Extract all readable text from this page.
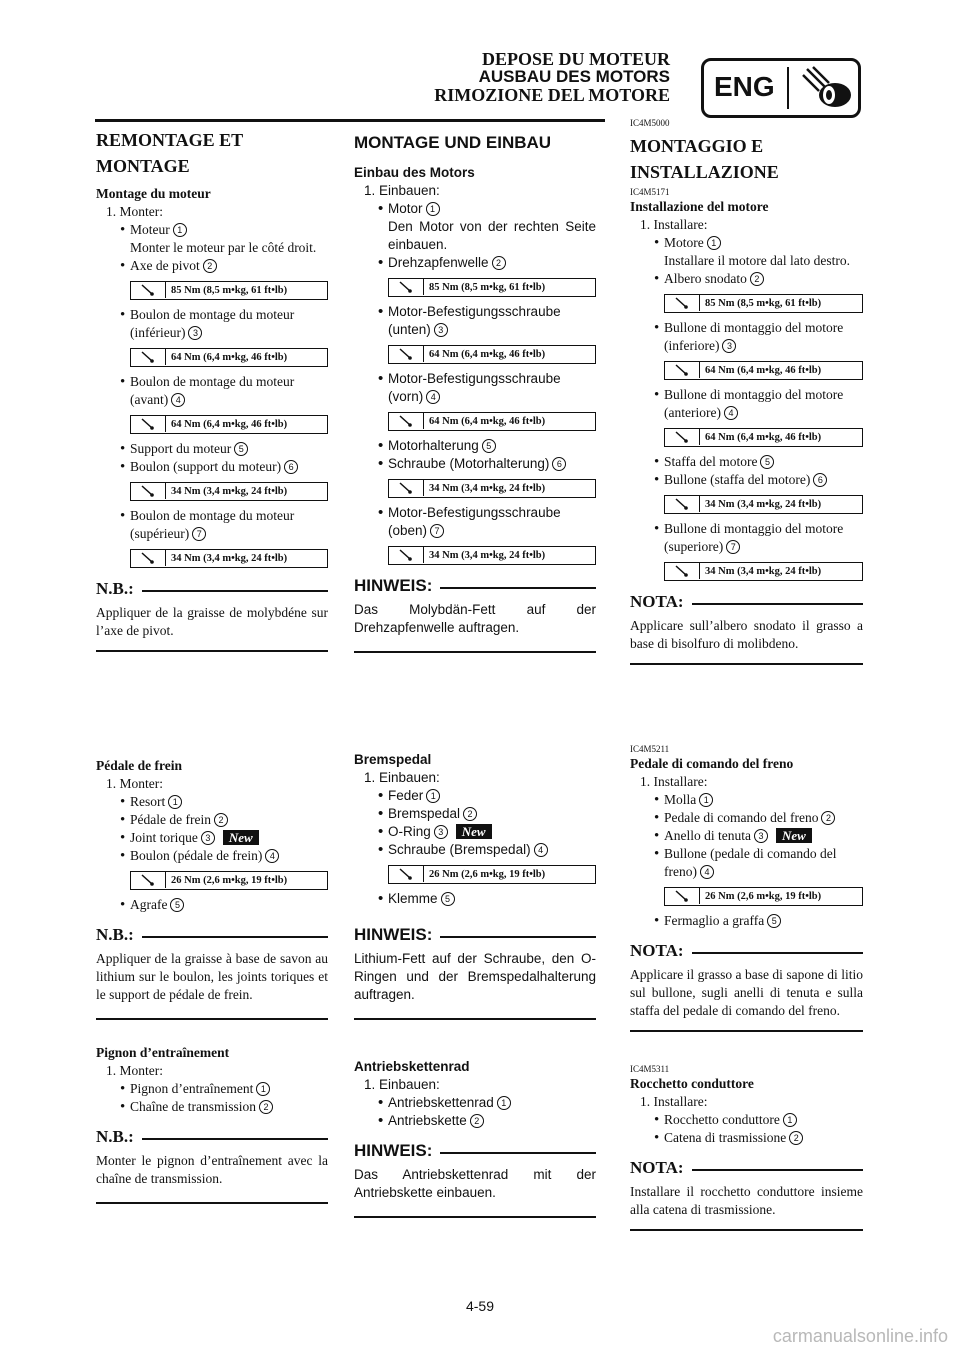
DEPOSE DU MOTEUR
AUSBAU DES MOTORS
RIMOZIONE DEL MOTORE ENG
REMONTAGE ET MONTAGE
Montage du moteur
1. Monter:
• Moteur 1
Monter le moteur par le côté droit.
• Axe de pivot 2
85 Nm (8,5 m•kg, 61 ft•lb)
• Boulon de montage du moteur (inférieur) 3
64 Nm (6,4 m•kg, 46 ft•lb)
• Boulon de montage du moteur (avant) 4
64 Nm (6,4 m•kg, 46 ft•lb)
• Support du moteur 5
• Boulon (support du moteur) 6
34 Nm (3,4 m•kg, 24 ft•lb)
• Boulon de montage du moteur (supérieur) 7
34 Nm (3,4 m•kg, 24 ft•lb)
N.B.:
Appliquer de la graisse de molybdéne sur l’axe de pivot.
Pédale de frein
1. Monter:
• Resort 1
• Pédale de frein 2
• Joint torique 3 New
• Boulon (pédale de frein) 4
26 Nm (2,6 m•kg, 19 ft•lb)
• Agrafe 5
N.B.:
Appliquer de la graisse à base de savon au lithium sur le boulon, les joints toriques et le support de pédale de frein.
Pignon d’entraînement
1. Monter:
• Pignon d’entraînement 1
• Chaîne de transmission 2
N.B.:
Monter le pignon d’entraînement avec la chaîne de transmission.
MONTAGE UND EINBAU
Einbau des Motors
1. Einbauen:
• Motor 1
Den Motor von der rechten Seite einbauen.
• Drehzapfenwelle 2
85 Nm (8,5 m•kg, 61 ft•lb)
• Motor-Befestigungsschraube (unten) 3
64 Nm (6,4 m•kg, 46 ft•lb)
• Motor-Befestigungsschraube (vorn) 4
64 Nm (6,4 m•kg, 46 ft•lb)
• Motorhalterung 5
• Schraube (Motorhalterung) 6
34 Nm (3,4 m•kg, 24 ft•lb)
• Motor-Befestigungsschraube (oben) 7
34 Nm (3,4 m•kg, 24 ft•lb)
HINWEIS:
Das Molybdän-Fett auf der Drehzapfenwelle auftragen.
Bremspedal
1. Einbauen:
• Feder 1
• Bremspedal 2
• O-Ring 3 New
• Schraube (Bremspedal) 4
26 Nm (2,6 m•kg, 19 ft•lb)
• Klemme 5
HINWEIS:
Lithium-Fett auf der Schraube, den O-Ringen und der Bremspedalhalterung auftragen.
Antriebskettenrad
1. Einbauen:
• Antriebskettenrad 1
• Antriebskette 2
HINWEIS:
Das Antriebskettenrad mit der Antriebskette einbauen.
IC4M5000
MONTAGGIO E INSTALLAZIONE
IC4M5171
Installazione del motore
1. Installare:
• Motore 1
Installare il motore dal lato destro.
• Albero snodato 2
85 Nm (8,5 m•kg, 61 ft•lb)
• Bullone di montaggio del motore (inferiore) 3
64 Nm (6,4 m•kg, 46 ft•lb)
• Bullone di montaggio del motore (anteriore) 4
64 Nm (6,4 m•kg, 46 ft•lb)
• Staffa del motore 5
• Bullone (staffa del motore) 6
34 Nm (3,4 m•kg, 24 ft•lb)
• Bullone di montaggio del motore (superiore) 7
34 Nm (3,4 m•kg, 24 ft•lb)
NOTA:
Applicare sull’albero snodato il grasso a base di bisolfuro di molibdeno.
IC4M5211
Pedale di comando del freno
1. Installare:
• Molla 1
• Pedale di comando del freno 2
• Anello di tenuta 3 New
• Bullone (pedale di comando del freno) 4
26 Nm (2,6 m•kg, 19 ft•lb)
• Fermaglio a graffa 5
NOTA:
Applicare il grasso a base di sapone di litio sul bullone, sugli anelli di tenuta e sulla staffa del pedale di comando del freno.
IC4M5311
Rocchetto conduttore
1. Installare:
• Rocchetto conduttore 1
• Catena di trasmissione 2
NOTA:
Installare il rocchetto conduttore insieme alla catena di trasmissione.
4-59
carmanualsonline.info
